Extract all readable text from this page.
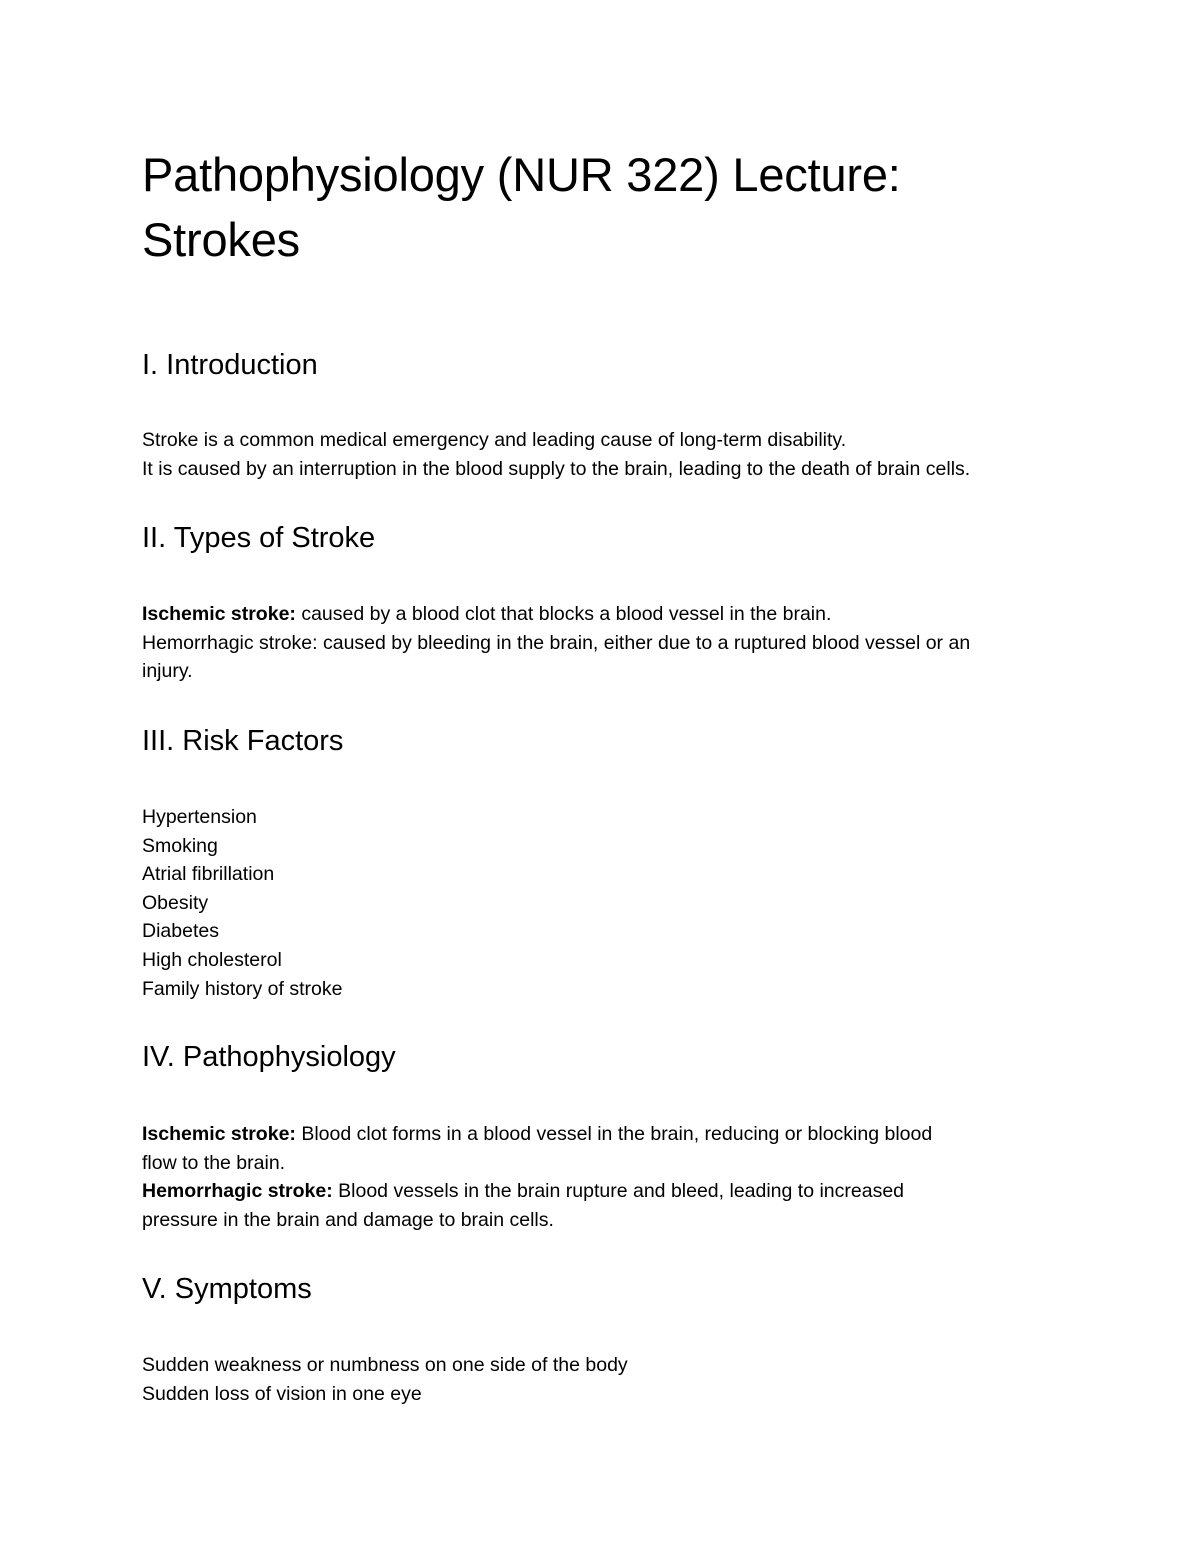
Pathophysiology (NUR 322) Lecture:
Strokes
I. Introduction
Stroke is a common medical emergency and leading cause of long-term disability.
It is caused by an interruption in the blood supply to the brain, leading to the death of brain cells.
II. Types of Stroke
Ischemic stroke: caused by a blood clot that blocks a blood vessel in the brain.
Hemorrhagic stroke: caused by bleeding in the brain, either due to a ruptured blood vessel or an
injury.
III. Risk Factors
Hypertension
Smoking
Atrial fibrillation
Obesity
Diabetes
High cholesterol
Family history of stroke
IV. Pathophysiology
Ischemic stroke: Blood clot forms in a blood vessel in the brain, reducing or blocking blood
flow to the brain.
Hemorrhagic stroke: Blood vessels in the brain rupture and bleed, leading to increased
pressure in the brain and damage to brain cells.
V. Symptoms
Sudden weakness or numbness on one side of the body
Sudden loss of vision in one eye
